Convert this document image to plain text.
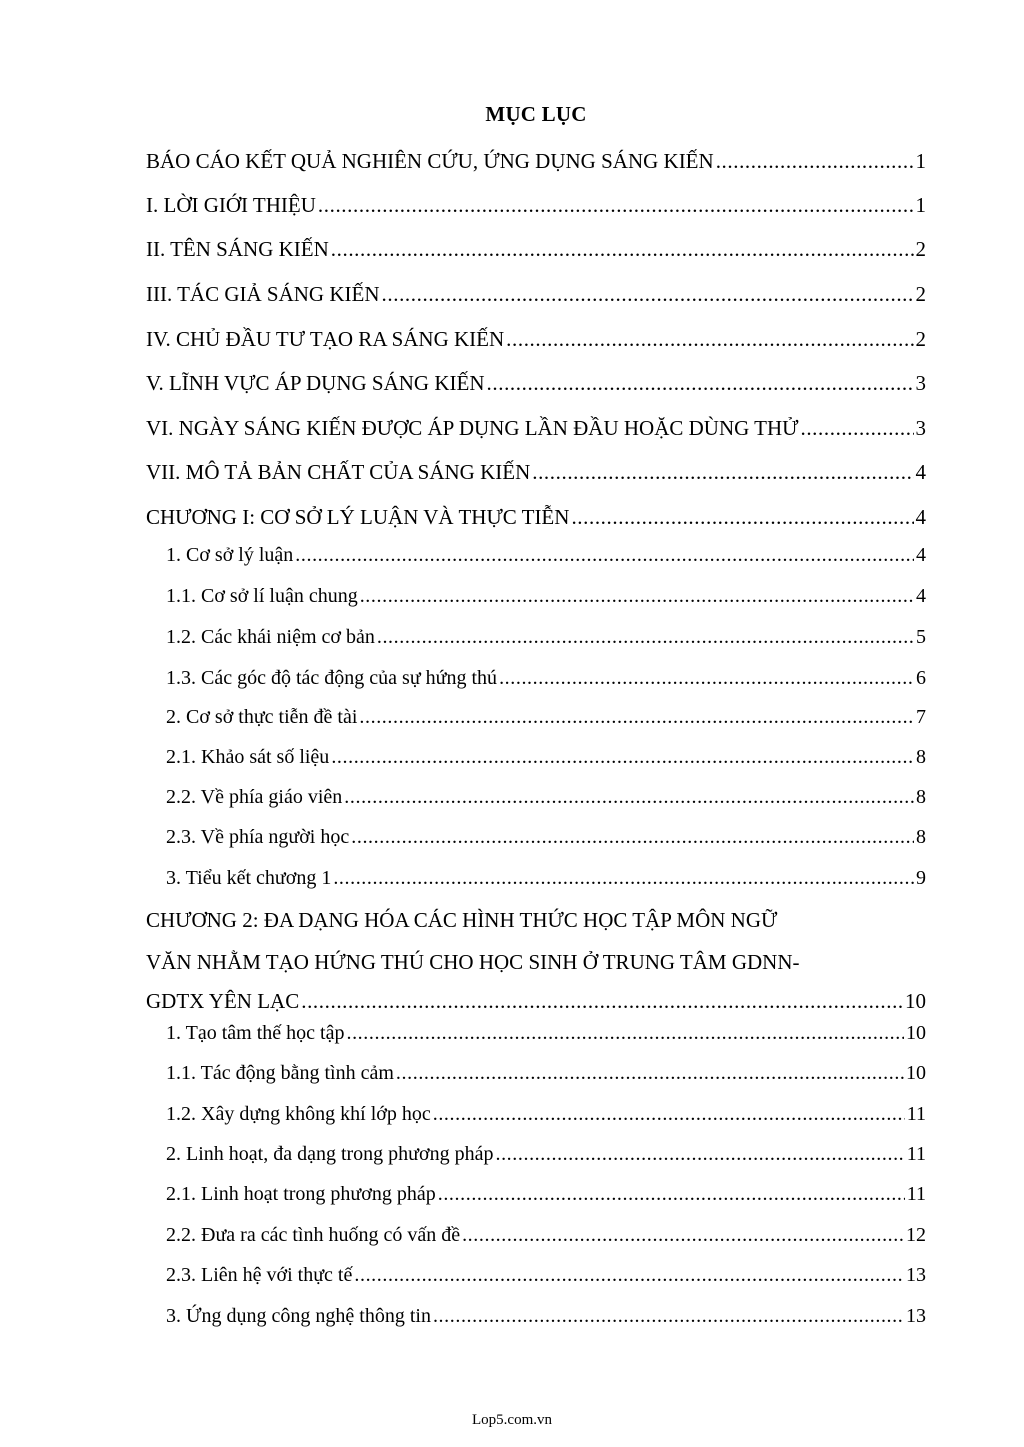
MỤC LỤC
BÁO CÁO KẾT QUẢ NGHIÊN CỨU, ỨNG DỤNG SÁNG KIẾN .....	1
I. LỜI GIỚI THIỆU .....	1
II. TÊN SÁNG KIẾN .....	2
III. TÁC GIẢ SÁNG KIẾN .....	2
IV. CHỦ ĐẦU TƯ TẠO RA SÁNG KIẾN .....	2
V. LĨNH VỰC ÁP DỤNG SÁNG KIẾN .....	3
VI. NGÀY SÁNG KIẾN ĐƯỢC ÁP DỤNG LẦN ĐẦU HOẶC DÙNG THỬ .....	3
VII. MÔ TẢ BẢN CHẤT CỦA SÁNG KIẾN .....	4
CHƯƠNG I: CƠ SỞ LÝ LUẬN VÀ THỰC TIỄN .....	4
1. Cơ sở lý luận .....	4
1.1. Cơ sở lí luận chung .....	4
1.2. Các khái niệm cơ bản .....	5
1.3. Các góc độ tác động của sự hứng thú .....	6
2. Cơ sở thực tiễn đề tài .....	7
2.1. Khảo sát số liệu .....	8
2.2. Về phía giáo viên .....	8
2.3. Về phía người học .....	8
3. Tiểu kết chương 1 .....	9
CHƯƠNG 2: ĐA DẠNG HÓA CÁC HÌNH THỨC HỌC TẬP MÔN NGỮ
VĂN NHẰM TẠO HỨNG THÚ CHO HỌC SINH Ở TRUNG TÂM GDNN-
GDTX YÊN LẠC .....	10
1. Tạo tâm thế học tập .....	10
1.1. Tác động bằng tình cảm .....	10
1.2. Xây dựng không khí lớp học .....	11
2. Linh hoạt, đa dạng trong phương pháp .....	11
2.1. Linh hoạt trong phương pháp .....	11
2.2. Đưa ra các tình huống có vấn đề .....	12
2.3. Liên hệ với thực tế .....	13
3. Ứng dụng công nghệ thông tin .....	13
Lop5.com.vn
